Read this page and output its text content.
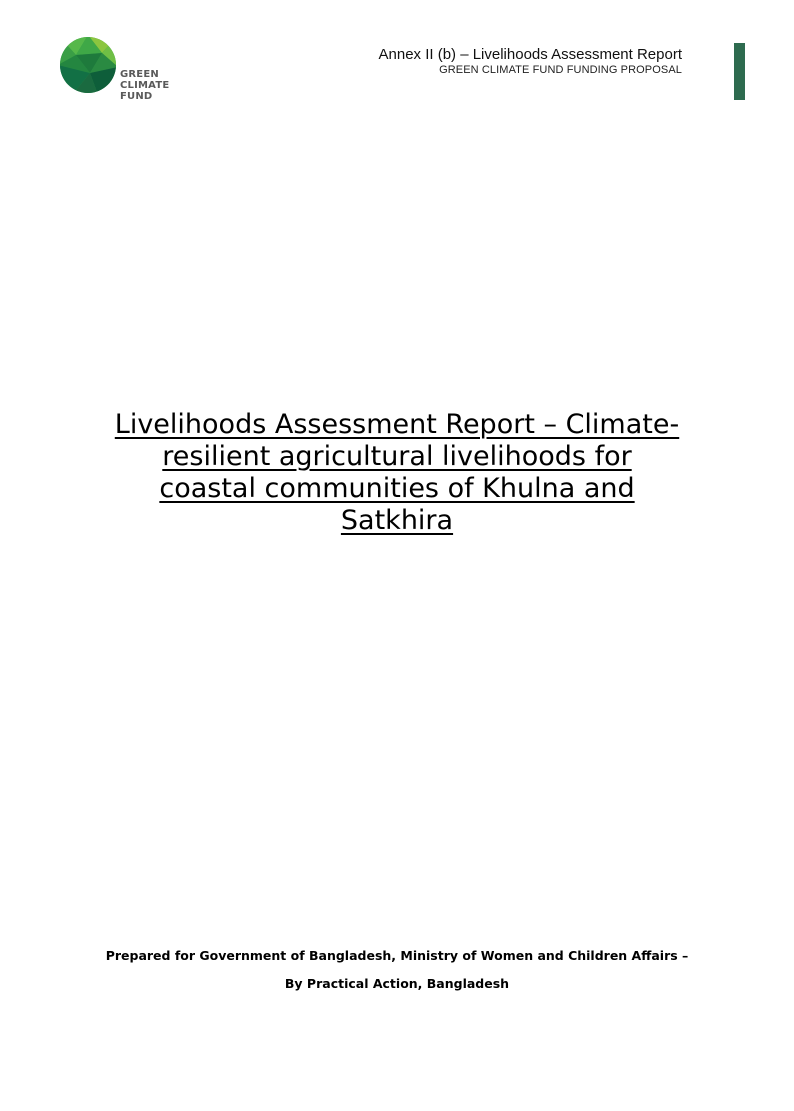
GREEN
CLIMATE
FUND
Annex II (b) – Livelihoods Assessment Report
GREEN CLIMATE FUND FUNDING PROPOSAL
Livelihoods Assessment Report – Climate-
resilient agricultural livelihoods for
coastal communities of Khulna and
Satkhira
Prepared for Government of Bangladesh, Ministry of Women and Children Affairs –
By Practical Action, Bangladesh
